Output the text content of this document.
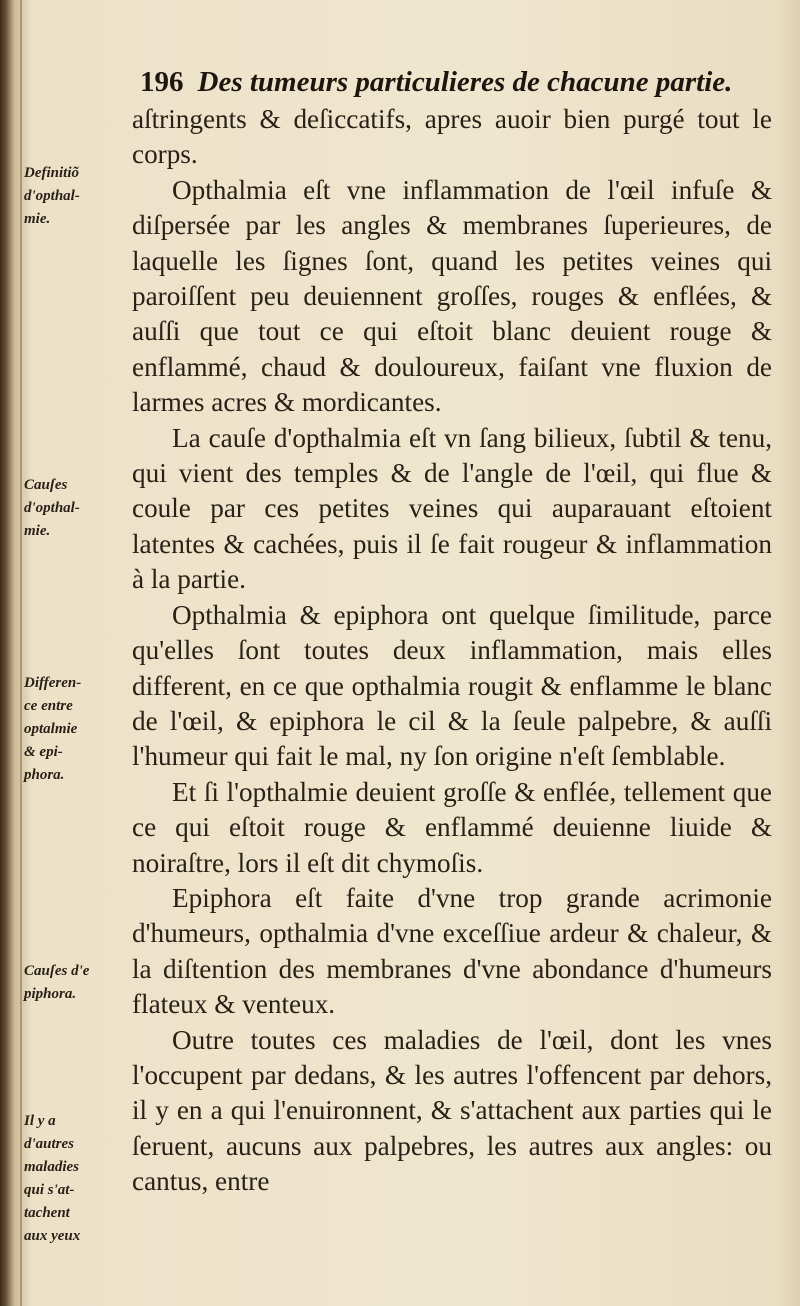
196 Des tumeurs particulieres de chacune partie.

aſtringents & deſiccatifs, apres auoir bien purgé tout le corps.

Opthalmia eſt vne inflammation de l'œil infuſe & diſpersée par les angles & membranes ſuperieures, de laquelle les ſignes ſont, quand les petites veines qui paroiſſent peu deuiennent groſſes, rouges & enflées, & auſſi que tout ce qui eſtoit blanc deuient rouge & enflammé, chaud & douloureux, faiſant vne fluxion de larmes acres & mordicantes.

La cauſe d'opthalmia eſt vn ſang bilieux, ſubtil & tenu, qui vient des temples & de l'angle de l'œil, qui flue & coule par ces petites veines qui auparauant eſtoient latentes & cachées, puis il ſe fait rougeur & inflammation à la partie.

Opthalmia & epiphora ont quelque ſimilitude, parce qu'elles ſont toutes deux inflammation, mais elles different, en ce que opthalmia rougit & enflamme le blanc de l'œil, & epiphora le cil & la ſeule palpebre, & auſſi l'humeur qui fait le mal, ny ſon origine n'eſt ſemblable.

Et ſi l'opthalmie deuient groſſe & enflée, tellement que ce qui eſtoit rouge & enflammé deuienne liuide & noiraſtre, lors il eſt dit chymoſis.

Epiphora eſt faite d'vne trop grande acrimonie d'humeurs, opthalmia d'vne exceſſiue ardeur & chaleur, & la diſtention des membranes d'vne abondance d'humeurs flateux & venteux.

Outre toutes ces maladies de l'œil, dont les vnes l'occupent par dedans, & les autres l'offencent par dehors, il y en a qui l'enuironnent, & s'attachent aux parties qui le ſeruent, aucuns aux palpebres, les autres aux angles: ou cantus, entre

Definitiõ
d'opthal-
mie.
Cauſes
d'opthal-
mie.
Differen-
ce entre
optalmie
& epi-
phora.
Cauſes d'e
piphora.
Il y a
d'autres
maladies
qui s'at-
tachent
aux yeux
